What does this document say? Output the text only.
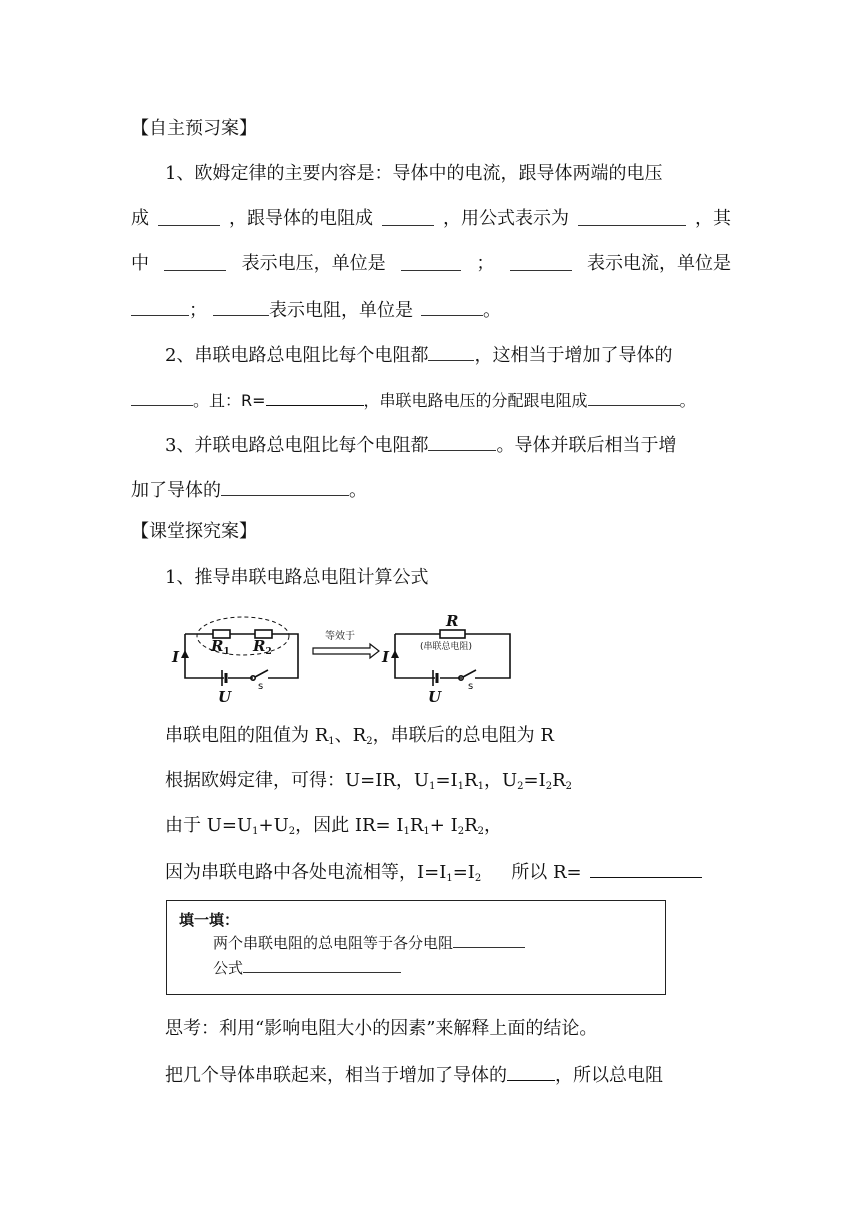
【自主预习案】
1、欧姆定律的主要内容是：导体中的电流，跟导体两端的电压
成	，跟导体的电阻成	，用公式表示为	，其
中	表示电压，单位是	；	表示电流，单位是
；	表示电阻，单位是	。
2、串联电路总电阻比每个电阻都	，这相当于增加了导体的
。且：R=	，串联电路电压的分配跟电阻成	。
3、并联电路总电阻比每个电阻都	。导体并联后相当于增
加了导体的	。
【课堂探究案】
1、推导串联电路总电阻计算公式
$R_1$ $R_2$
I
U
R
I
U
s	s
等效于
(串联总电阻)
串联电阻的阻值为 $R_1$、$R_2$，串联后的总电阻为 R
根据欧姆定律，可得：U=IR，$U_1=I_1R_1$，$U_2=I_2R_2$
由于 $U=U_1+U_2$，因此 $IR= I_1R_1+ I_2R_2$，
因为串联电路中各处电流相等，$I=I_1=I_2$ 所以 R=
填一填：
两个串联电阻的总电阻等于各分电阻
公式
思考：利用“影响电阻大小的因素”来解释上面的结论。
把几个导体串联起来，相当于增加了导体的	，所以总电阻
